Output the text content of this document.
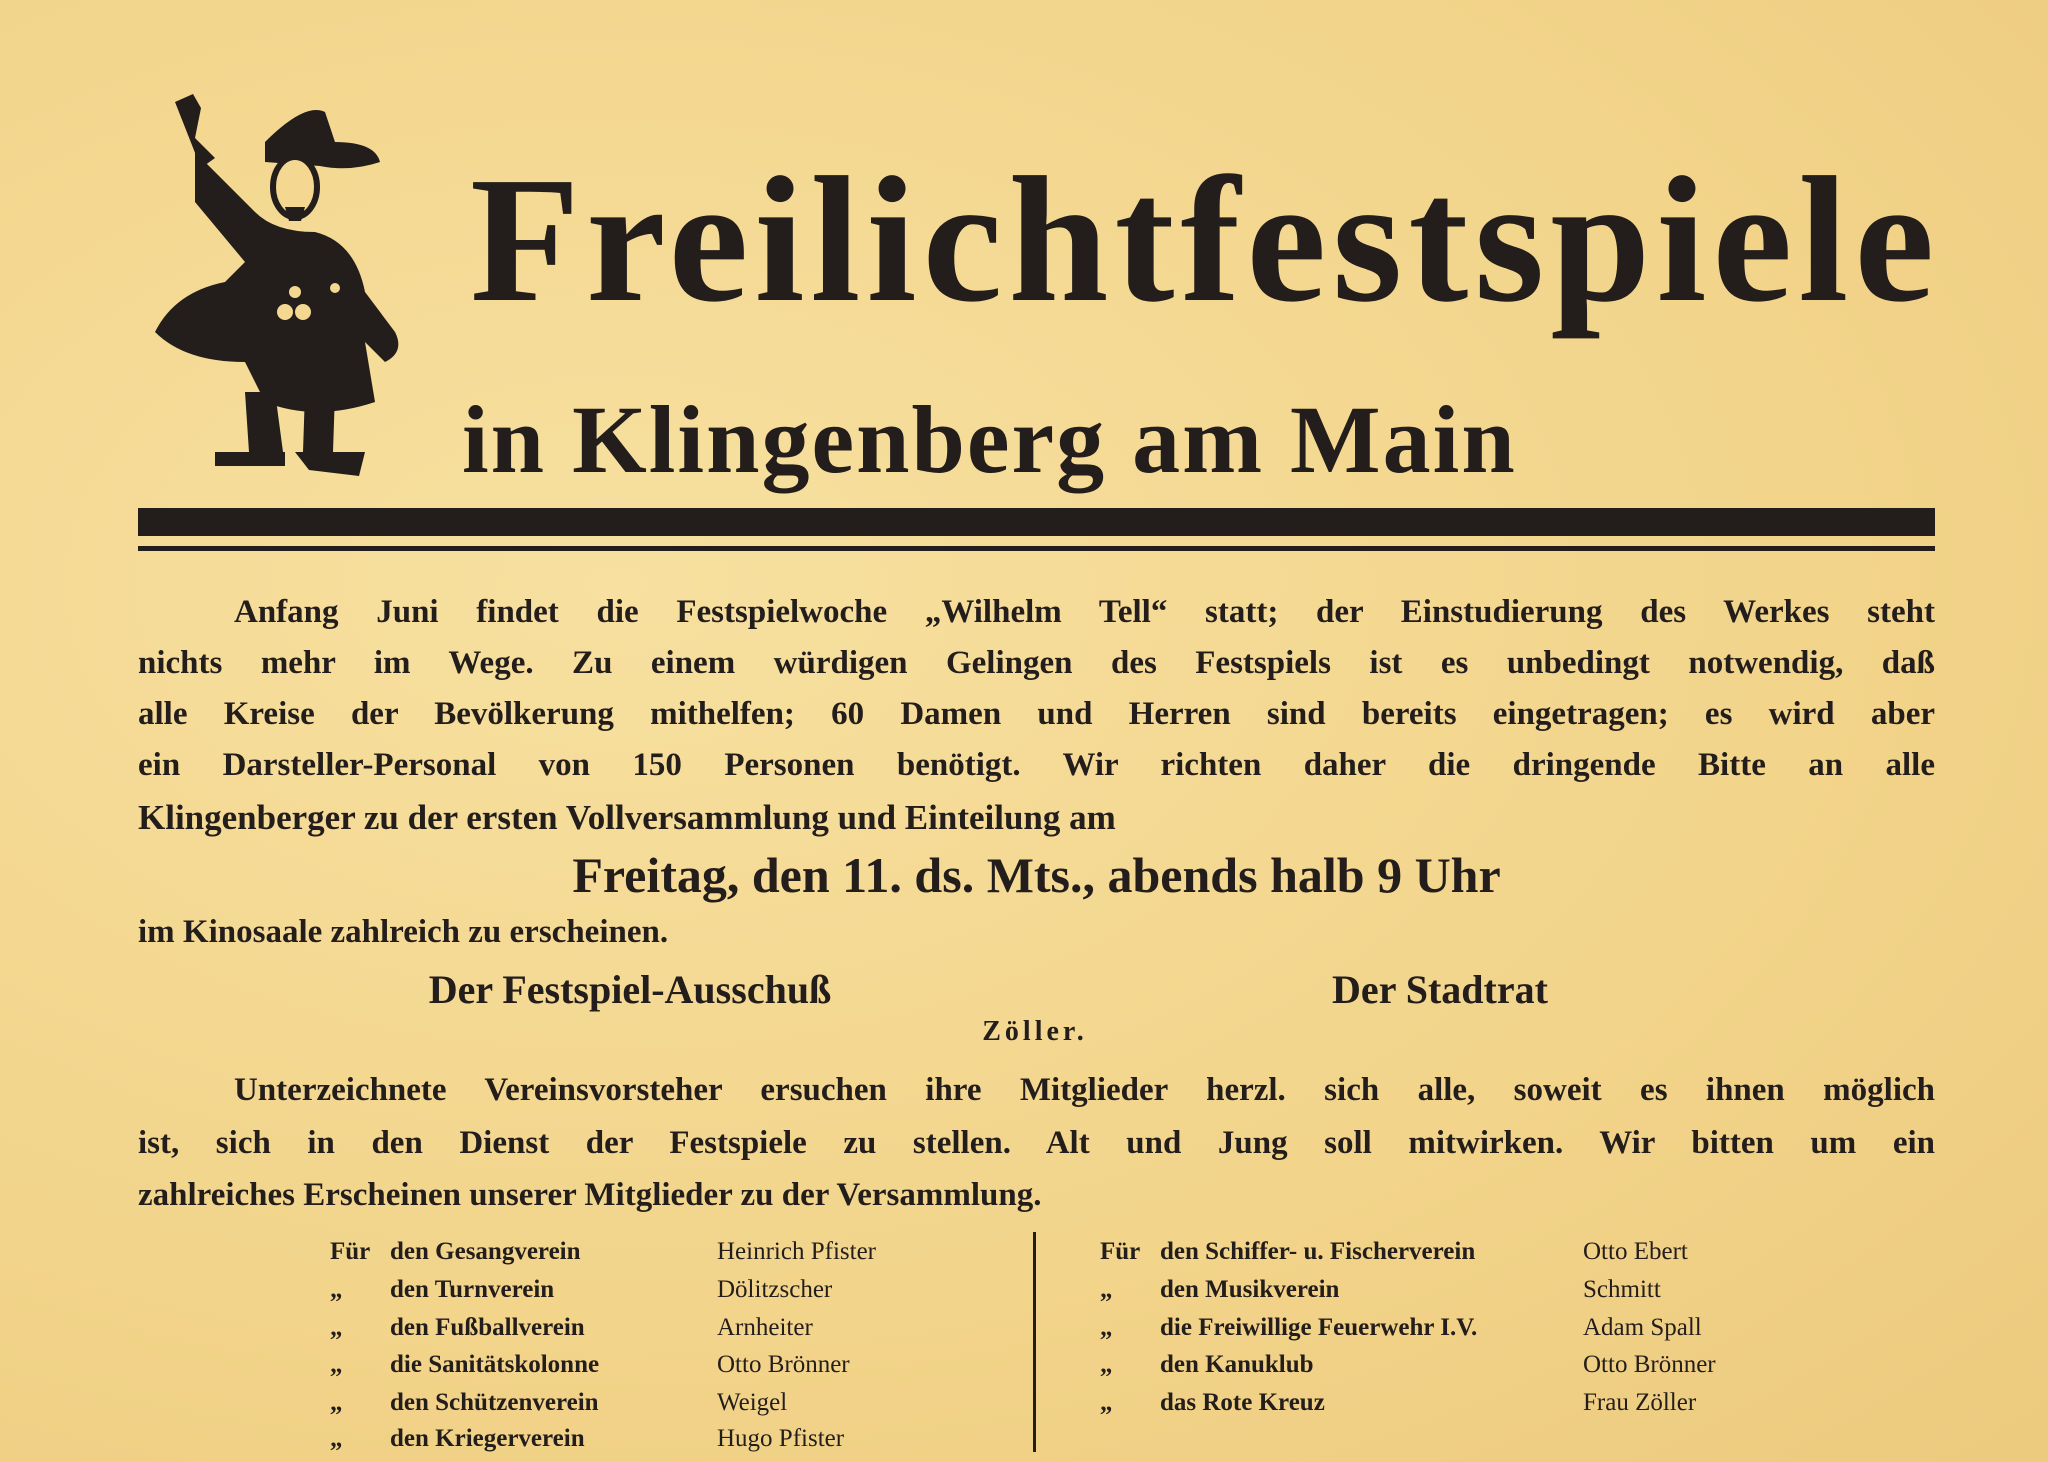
Freilichtfestspiele
in Klingenberg am Main
Anfang Juni findet die Festspielwoche „Wilhelm Tell“ statt; der Einstudierung des Werkes steht
nichts mehr im Wege. Zu einem würdigen Gelingen des Festspiels ist es unbedingt notwendig, daß
alle Kreise der Bevölkerung mithelfen; 60 Damen und Herren sind bereits eingetragen; es wird aber
ein Darsteller-Personal von 150 Personen benötigt. Wir richten daher die dringende Bitte an alle
Klingenberger zu der ersten Vollversammlung und Einteilung am
Freitag, den 11. ds. Mts., abends halb 9 Uhr
im Kinosaale zahlreich zu erscheinen.
Der Festspiel-Ausschuß	Der Stadtrat
Zöller.
Unterzeichnete Vereinsvorsteher ersuchen ihre Mitglieder herzl. sich alle, soweit es ihnen möglich
ist, sich in den Dienst der Festspiele zu stellen. Alt und Jung soll mitwirken. Wir bitten um ein
zahlreiches Erscheinen unserer Mitglieder zu der Versammlung.
Für den Gesangverein	Heinrich Pfister
„ den Turnverein	Dölitzscher
„ den Fußballverein	Arnheiter
„ die Sanitätskolonne	Otto Brönner
„ den Schützenverein	Weigel
„ den Kriegerverein	Hugo Pfister
Für den Schiffer- u. Fischerverein	Otto Ebert
„ den Musikverein	Schmitt
„ die Freiwillige Feuerwehr I.V.	Adam Spall
„ den Kanuklub	Otto Brönner
„ das Rote Kreuz	Frau Zöller
